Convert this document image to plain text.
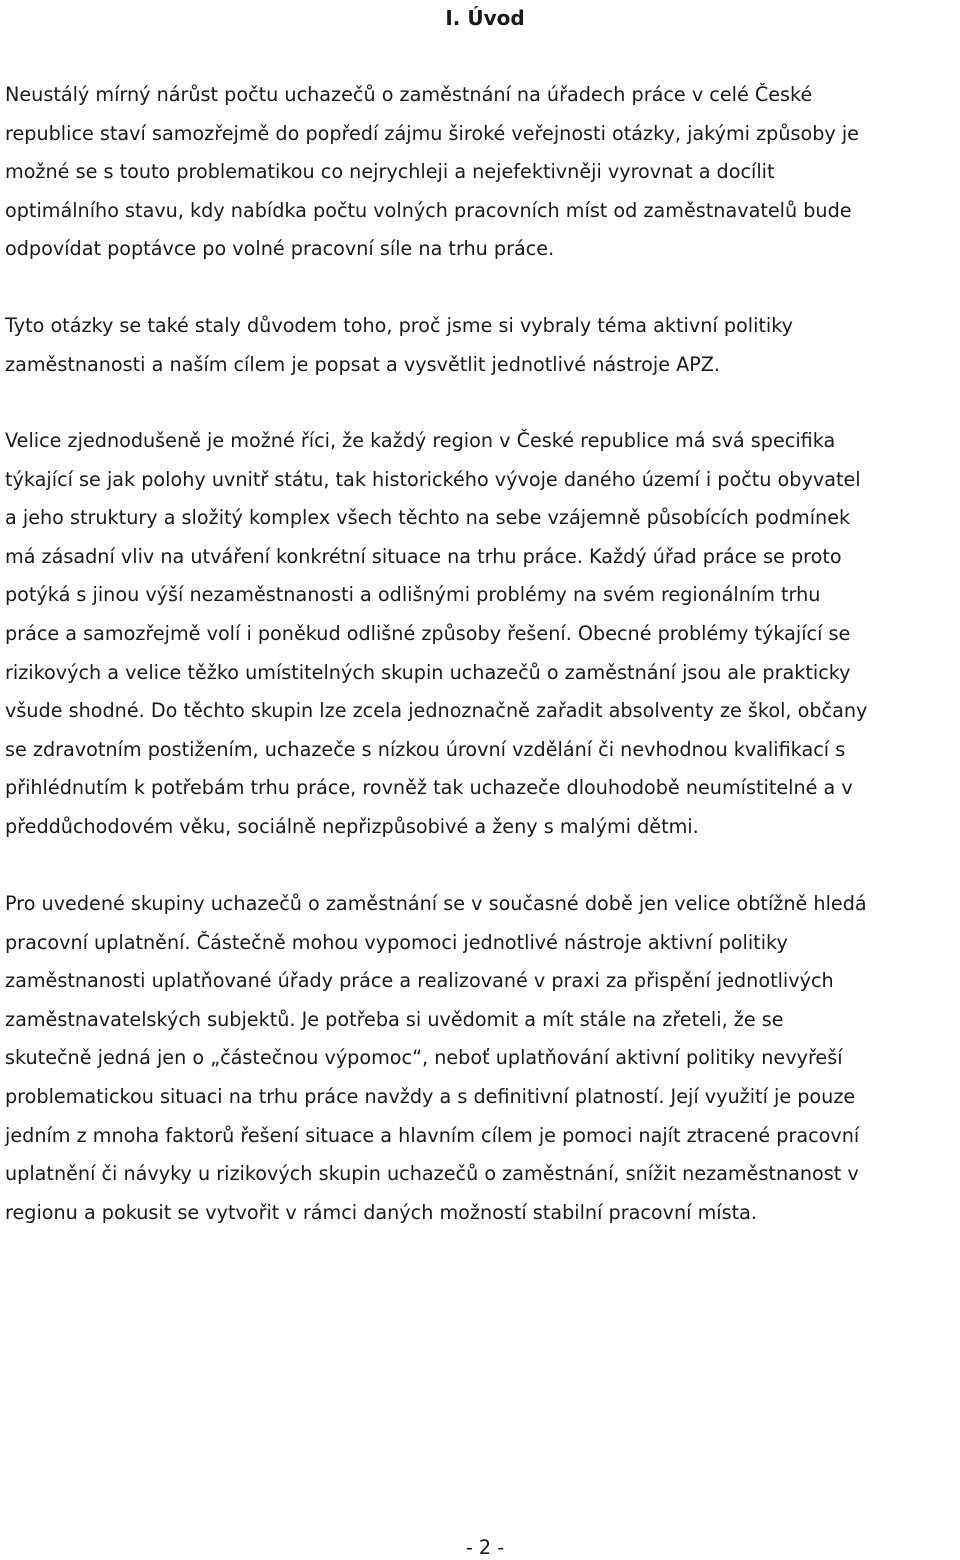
I. Úvod

Neustálý mírný nárůst počtu uchazečů o zaměstnání na úřadech práce v celé České
republice staví samozřejmě do popředí zájmu široké veřejnosti otázky, jakými způsoby je
možné se s touto problematikou co nejrychleji a nejefektivněji vyrovnat a docílit
optimálního stavu, kdy nabídka počtu volných pracovních míst od zaměstnavatelů bude
odpovídat poptávce po volné pracovní síle na trhu práce.

Tyto otázky se také staly důvodem toho, proč jsme si vybraly téma aktivní politiky
zaměstnanosti a naším cílem je popsat a vysvětlit jednotlivé nástroje APZ.

Velice zjednodušeně je možné říci, že každý region v České republice má svá specifika
týkající se jak polohy uvnitř státu, tak historického vývoje daného území i počtu obyvatel
a jeho struktury a složitý komplex všech těchto na sebe vzájemně působících podmínek
má zásadní vliv na utváření konkrétní situace na trhu práce. Každý úřad práce se proto
potýká s jinou výší nezaměstnanosti a odlišnými problémy na svém regionálním trhu
práce a samozřejmě volí i poněkud odlišné způsoby řešení. Obecné problémy týkající se
rizikových a velice těžko umístitelných skupin uchazečů o zaměstnání jsou ale prakticky
všude shodné. Do těchto skupin lze zcela jednoznačně zařadit absolventy ze škol, občany
se zdravotním postižením, uchazeče s nízkou úrovní vzdělání či nevhodnou kvalifikací s
přihlédnutím k potřebám trhu práce, rovněž tak uchazeče dlouhodobě neumístitelné a v
předdůchodovém věku, sociálně nepřizpůsobivé a ženy s malými dětmi.

Pro uvedené skupiny uchazečů o zaměstnání se v současné době jen velice obtížně hledá
pracovní uplatnění. Částečně mohou vypomoci jednotlivé nástroje aktivní politiky
zaměstnanosti uplatňované úřady práce a realizované v praxi za přispění jednotlivých
zaměstnavatelských subjektů. Je potřeba si uvědomit a mít stále na zřeteli, že se
skutečně jedná jen o „částečnou výpomoc“, neboť uplatňování aktivní politiky nevyřeší
problematickou situaci na trhu práce navždy a s definitivní platností. Její využití je pouze
jedním z mnoha faktorů řešení situace a hlavním cílem je pomoci najít ztracené pracovní
uplatnění či návyky u rizikových skupin uchazečů o zaměstnání, snížit nezaměstnanost v
regionu a pokusit se vytvořit v rámci daných možností stabilní pracovní místa.

- 2 -
